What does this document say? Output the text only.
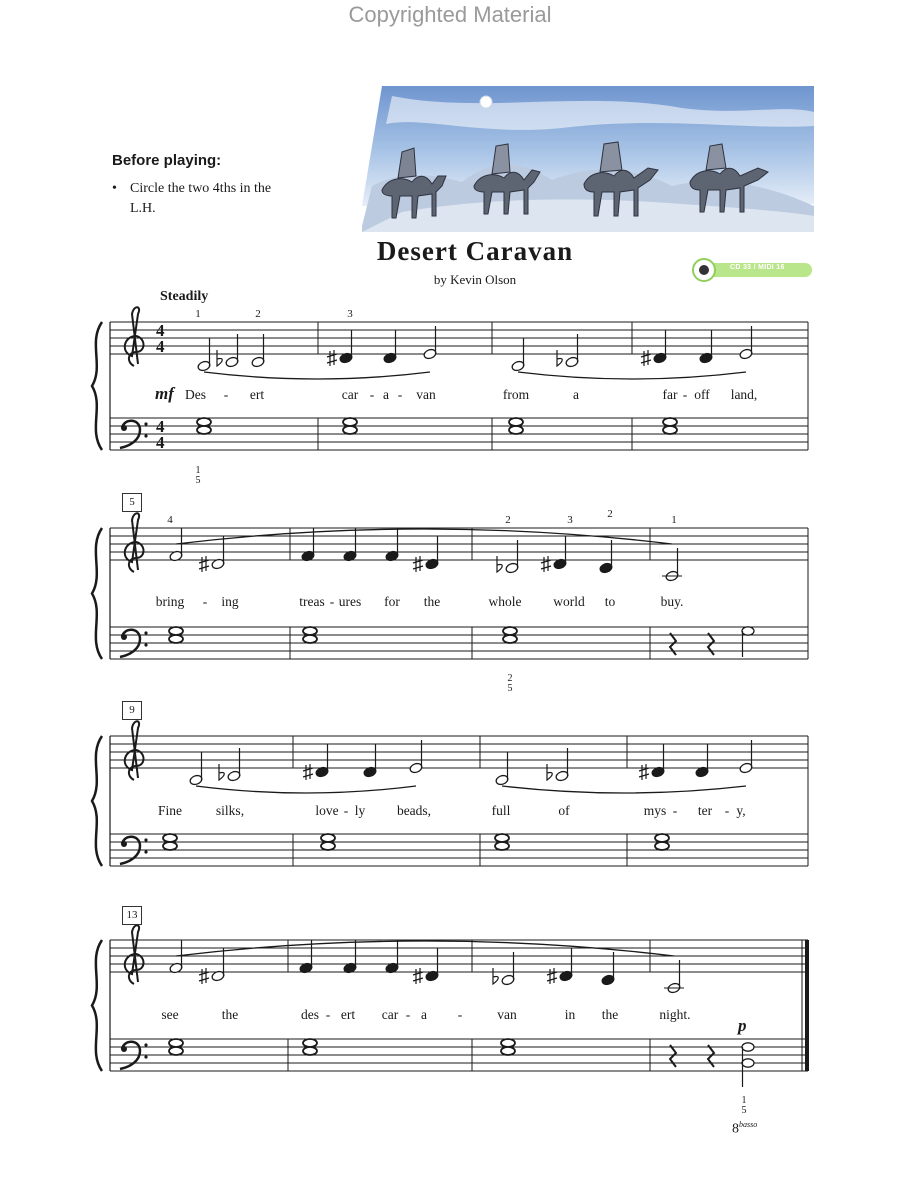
Copyrighted Material
Before playing:
• Circle the two 4ths in the L.H.
Desert Caravan
by Kevin Olson
CD 33 / MIDI 16
Steadily
4
4
4
4
1	2	3
mf Des - ert	car - a - van	from	a	far - off land,
1
5
5
4	2	3	2	1
bring - ing	treas - ures for the	whole world to	buy.
2
5
9
Fine	silks,	love - ly beads,	full	of	mys - ter - y,
13
see	the	des - ert car - a -	van	in the	night.
p
1
5
$8^{basso}$
